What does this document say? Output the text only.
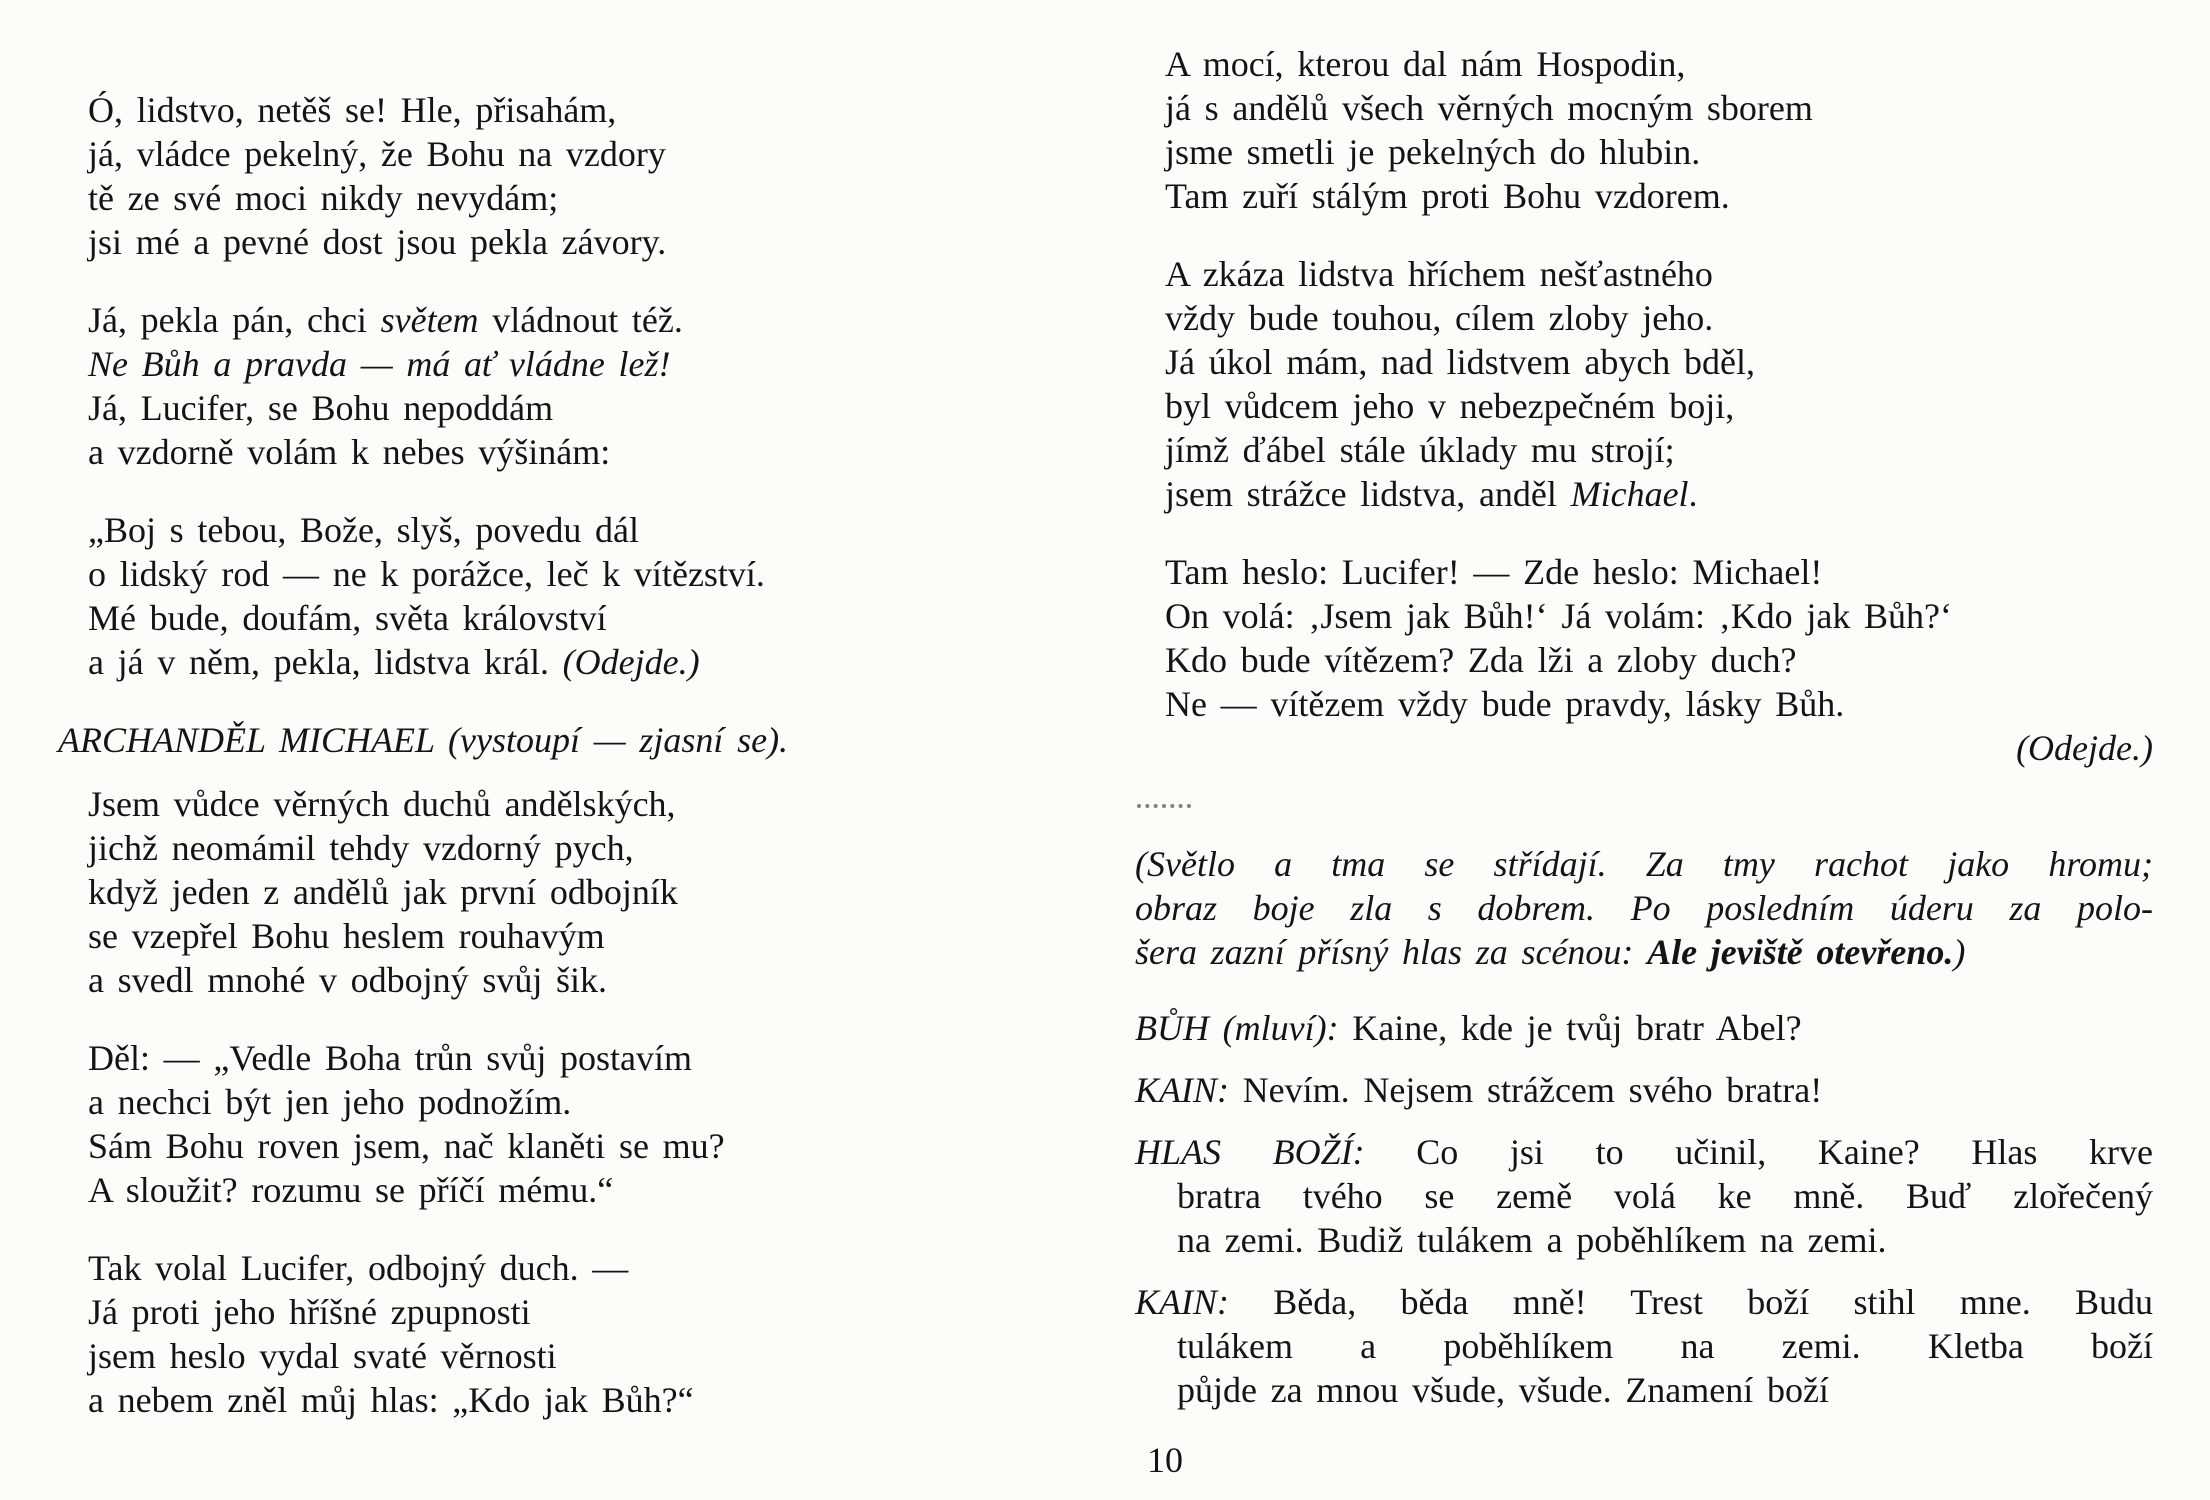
Ó, lidstvo, netěš se! Hle, přisahám,
já, vládce pekelný, že Bohu na vzdory
tě ze své moci nikdy nevydám;
jsi mé a pevné dost jsou pekla závory.
Já, pekla pán, chci světem vládnout též.
Ne Bůh a pravda — má ať vládne lež!
Já, Lucifer, se Bohu nepoddám
a vzdorně volám k nebes výšinám:
„Boj s tebou, Bože, slyš, povedu dál
o lidský rod — ne k porážce, leč k vítězství.
Mé bude, doufám, světa království
a já v něm, pekla, lidstva král. (Odejde.)
ARCHANDĚL MICHAEL (vystoupí — zjasní se).
Jsem vůdce věrných duchů andělských,
jichž neomámil tehdy vzdorný pych,
když jeden z andělů jak první odbojník
se vzepřel Bohu heslem rouhavým
a svedl mnohé v odbojný svůj šik.
Děl: — „Vedle Boha trůn svůj postavím
a nechci být jen jeho podnožím.
Sám Bohu roven jsem, nač klaněti se mu?
A sloužit? rozumu se příčí mému.“
Tak volal Lucifer, odbojný duch. —
Já proti jeho hříšné zpupnosti
jsem heslo vydal svaté věrnosti
a nebem zněl můj hlas: „Kdo jak Bůh?“
A mocí, kterou dal nám Hospodin,
já s andělů všech věrných mocným sborem
jsme smetli je pekelných do hlubin.
Tam zuří stálým proti Bohu vzdorem.
A zkáza lidstva hříchem nešťastného
vždy bude touhou, cílem zloby jeho.
Já úkol mám, nad lidstvem abych bděl,
byl vůdcem jeho v nebezpečném boji,
jímž ďábel stále úklady mu strojí;
jsem strážce lidstva, anděl Michael.
Tam heslo: Lucifer! — Zde heslo: Michael!
On volá: ‚Jsem jak Bůh!‘ Já volám: ‚Kdo jak Bůh?‘
Kdo bude vítězem? Zda lži a zloby duch?
Ne — vítězem vždy bude pravdy, lásky Bůh.
(Odejde.)
(Světlo a tma se střídají. Za tmy rachot jako hromu;
obraz boje zla s dobrem. Po posledním úderu za polo-
šera zazní přísný hlas za scénou: Ale jeviště otevřeno.)
BŮH (mluví): Kaine, kde je tvůj bratr Abel?
KAIN: Nevím. Nejsem strážcem svého bratra!
HLAS BOŽÍ: Co jsi to učinil, Kaine? Hlas krve
bratra tvého se země volá ke mně. Buď zlořečený
na zemi. Budiž tulákem a poběhlíkem na zemi.
KAIN: Běda, běda mně! Trest boží stihl mne. Budu
tulákem a poběhlíkem na zemi. Kletba boží
půjde za mnou všude, všude. Znamení boží
10
